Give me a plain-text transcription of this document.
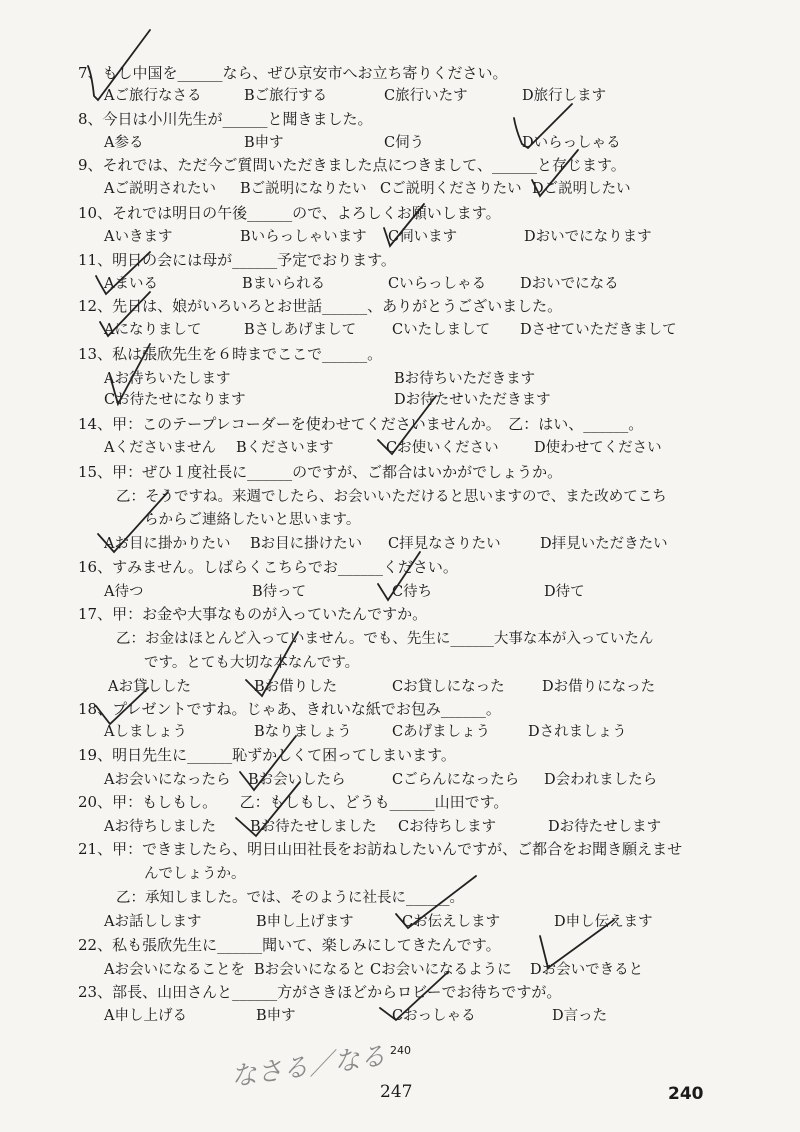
7、もし中国を______なら、ぜひ京安市へお立ち寄りください。
Aご旅行なさる	Bご旅行する	C旅行いたす	D旅行します
8、今日は小川先生が______と聞きました。
A参る	B申す	C伺う	Dいらっしゃる
9、それでは、ただ今ご質問いただきました点につきまして、______と存じます。
Aご説明されたい Bご説明になりたい Cご説明くださりたい Dご説明したい
10、それでは明日の午後______ので、よろしくお願いします。
Aいきます	Bいらっしゃいます C伺います	Dおいでになります
11、明日の会には母が______予定でおります。
Aまいる	Bまいられる	Cいらっしゃる Dおいでになる
12、先日は、娘がいろいろとお世話______、ありがとうございました。
Aになりまして	Bさしあげまして Cいたしまして Dさせていただきまして
13、私は張欣先生を６時までここで______。
Aお待ちいたします	Bお待ちいただきます
Cお待たせになります	Dお待たせいただきます
14、甲：このテープレコーダーを使わせてくださいませんか。　乙：はい、______。
Aくださいません Bくださいます	Cお使いください D使わせてください
15、甲：ぜひ１度社長に______のですが、ご都合はいかがでしょうか。
乙：そうですね。来週でしたら、お会いいただけると思いますので、また改めてこち
らからご連絡したいと思います。
Aお目に掛かりたい Bお目に掛けたい C拝見なさりたい	D拝見いただきたい
16、すみません。しばらくこちらでお______ください。
A待つ	B待って	C待ち	D待て
17、甲：お金や大事なものが入っていたんですか。
乙：お金はほとんど入っていません。でも、先生に______大事な本が入っていたん
です。とても大切な本なんです。
Aお貸しした	Bお借りした	Cお貸しになった	Dお借りになった
18、プレゼントですね。じゃあ、きれいな紙でお包み______。
Aしましょう	Bなりましょう	Cあげましょう	Dされましょう
19、明日先生に______恥ずかしくて困ってしまいます。
Aお会いになったら Bお会いしたら	Cごらんになったら D会われましたら
20、甲：もしもし。　　乙：もしもし、どうも______山田です。
Aお待ちしました Bお待たせしました Cお待ちします	Dお待たせします
21、甲：できましたら、明日山田社長をお訪ねしたいんですが、ご都合をお聞き願えませ
んでしょうか。
乙：承知しました。では、そのように社長に______。
Aお話しします	B申し上げます	Cお伝えします	D申し伝えます
22、私も張欣先生に______聞いて、楽しみにしてきたんです。
Aお会いになることを Bお会いになると Cお会いになるように Dお会いできると
23、部長、山田さんと______方がさきほどからロビーでお待ちですが。
A申し上げる	B申す	Cおっしゃる	D言った
240
247	240
なさる／なる
